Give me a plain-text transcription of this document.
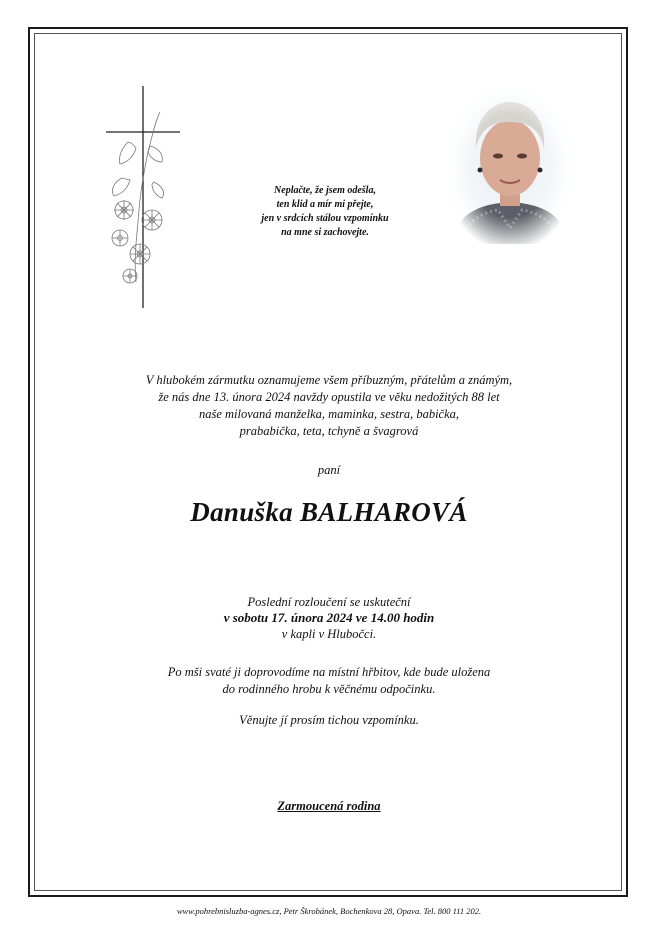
Neplačte, že jsem odešla,
ten klid a mír mi přejte,
jen v srdcích stálou vzpomínku
na mne si zachovejte.
V hlubokém zármutku oznamujeme všem příbuzným, přátelům a známým,
že nás dne 13. února 2024 navždy opustila ve věku nedožitých 88 let
naše milovaná manželka, maminka, sestra, babička,
prababička, teta, tchyně a švagrová
paní
Danuška BALHAROVÁ
Poslední rozloučení se uskuteční
v sobotu 17. února 2024 ve 14.00 hodin
v kapli v Hlubočci.
Po mši svaté ji doprovodíme na místní hřbitov, kde bude uložena
do rodinného hrobu k věčnému odpočinku.
Věnujte jí prosím tichou vzpomínku.
Zarmoucená rodina
www.pohrebnisluzba-agnes.cz, Petr Škrobánek, Bochenkova 28, Opava. Tel. 800 111 202.
